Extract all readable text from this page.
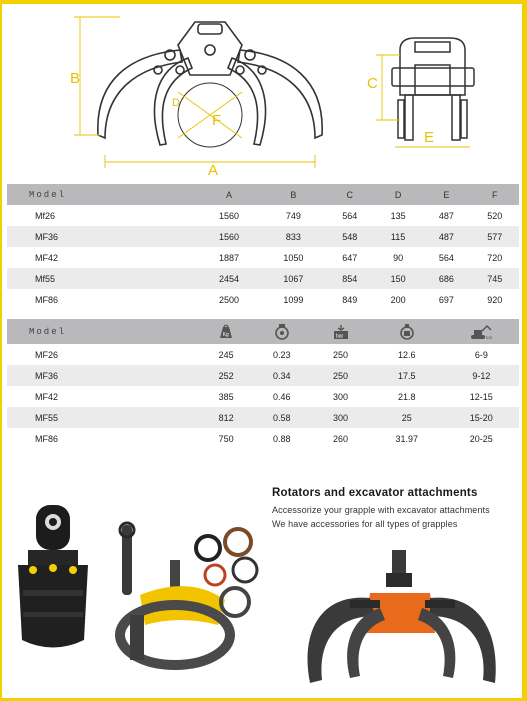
B
D
F
A
C
E
Model	A	B	C	D	E	F
Mf26	1560	749	564	135	487	520
MF36	1560	833	548	115	487	577
MF42	1887	1050	647	90	564	720
Mf55	2454	1067	854	150	686	745
MF86	2500	1099	849	200	697	920
Model	Kg		bar		ton

MF26	245	0.23	250	12.6	6-9
MF36	252	0.34	250	17.5	9-12
MF42	385	0.46	300	21.8	12-15
MF55	812	0.58	300	25	15-20
MF86	750	0.88	260	31.97	20-25
Rotators and excavator attachments
Accessorize your grapple with excavator attachments
We have accessories for all types of grapples
